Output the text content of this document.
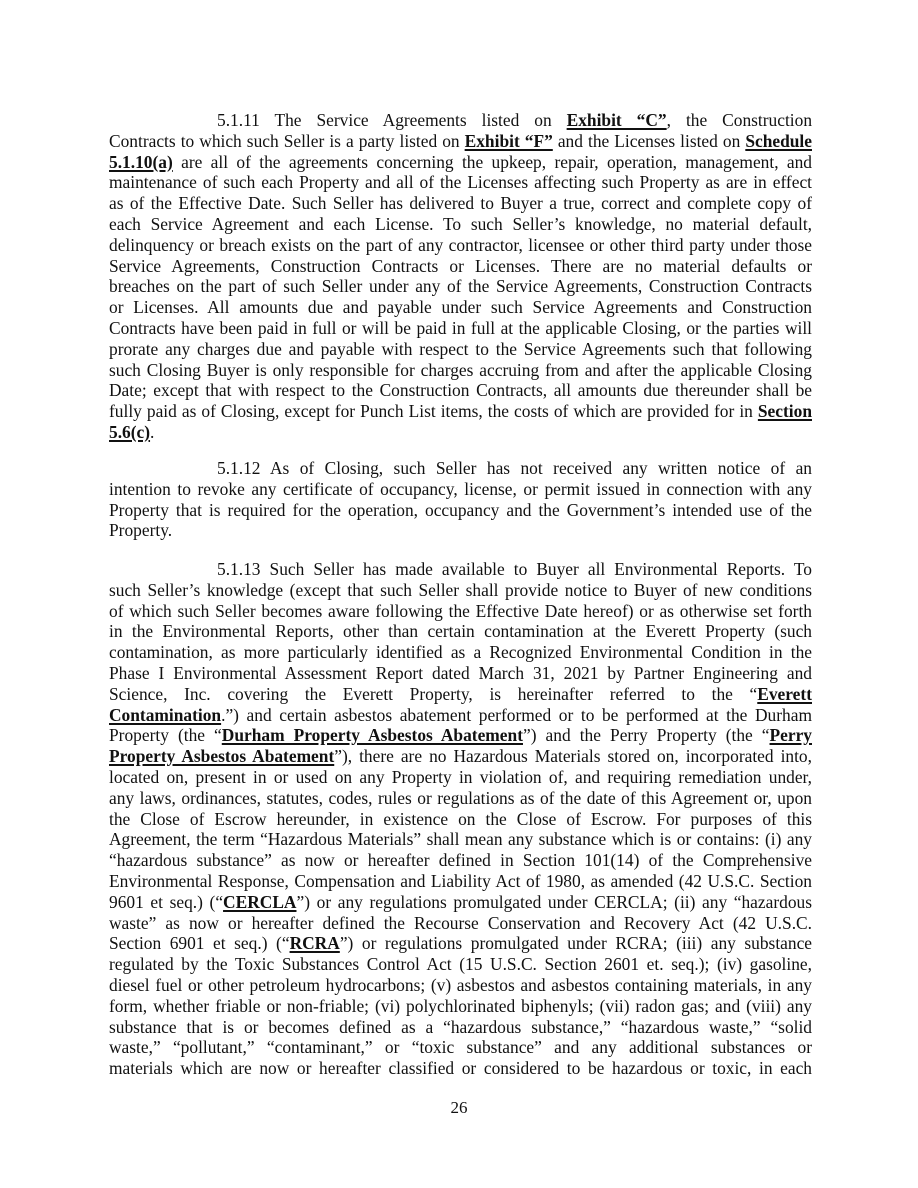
5.1.11 The Service Agreements listed on Exhibit “C”, the Construction
Contracts to which such Seller is a party listed on Exhibit “F” and the Licenses listed on Schedule
5.1.10(a) are all of the agreements concerning the upkeep, repair, operation, management, and
maintenance of such each Property and all of the Licenses affecting such Property as are in effect
as of the Effective Date. Such Seller has delivered to Buyer a true, correct and complete copy of
each Service Agreement and each License. To such Seller’s knowledge, no material default,
delinquency or breach exists on the part of any contractor, licensee or other third party under those
Service Agreements, Construction Contracts or Licenses. There are no material defaults or
breaches on the part of such Seller under any of the Service Agreements, Construction Contracts
or Licenses. All amounts due and payable under such Service Agreements and Construction
Contracts have been paid in full or will be paid in full at the applicable Closing, or the parties will
prorate any charges due and payable with respect to the Service Agreements such that following
such Closing Buyer is only responsible for charges accruing from and after the applicable Closing
Date; except that with respect to the Construction Contracts, all amounts due thereunder shall be
fully paid as of Closing, except for Punch List items, the costs of which are provided for in Section
5.6(c).
5.1.12 As of Closing, such Seller has not received any written notice of an
intention to revoke any certificate of occupancy, license, or permit issued in connection with any
Property that is required for the operation, occupancy and the Government’s intended use of the
Property.
5.1.13 Such Seller has made available to Buyer all Environmental Reports. To
such Seller’s knowledge (except that such Seller shall provide notice to Buyer of new conditions
of which such Seller becomes aware following the Effective Date hereof) or as otherwise set forth
in the Environmental Reports, other than certain contamination at the Everett Property (such
contamination, as more particularly identified as a Recognized Environmental Condition in the
Phase I Environmental Assessment Report dated March 31, 2021 by Partner Engineering and
Science, Inc. covering the Everett Property, is hereinafter referred to the “Everett
Contamination.”) and certain asbestos abatement performed or to be performed at the Durham
Property (the “Durham Property Asbestos Abatement”) and the Perry Property (the “Perry
Property Asbestos Abatement”), there are no Hazardous Materials stored on, incorporated into,
located on, present in or used on any Property in violation of, and requiring remediation under,
any laws, ordinances, statutes, codes, rules or regulations as of the date of this Agreement or, upon
the Close of Escrow hereunder, in existence on the Close of Escrow. For purposes of this
Agreement, the term “Hazardous Materials” shall mean any substance which is or contains: (i) any
“hazardous substance” as now or hereafter defined in Section 101(14) of the Comprehensive
Environmental Response, Compensation and Liability Act of 1980, as amended (42 U.S.C. Section
9601 et seq.) (“CERCLA”) or any regulations promulgated under CERCLA; (ii) any “hazardous
waste” as now or hereafter defined the Recourse Conservation and Recovery Act (42 U.S.C.
Section 6901 et seq.) (“RCRA”) or regulations promulgated under RCRA; (iii) any substance
regulated by the Toxic Substances Control Act (15 U.S.C. Section 2601 et. seq.); (iv) gasoline,
diesel fuel or other petroleum hydrocarbons; (v) asbestos and asbestos containing materials, in any
form, whether friable or non-friable; (vi) polychlorinated biphenyls; (vii) radon gas; and (viii) any
substance that is or becomes defined as a “hazardous substance,” “hazardous waste,” “solid
waste,” “pollutant,” “contaminant,” or “toxic substance” and any additional substances or
materials which are now or hereafter classified or considered to be hazardous or toxic, in each
26
